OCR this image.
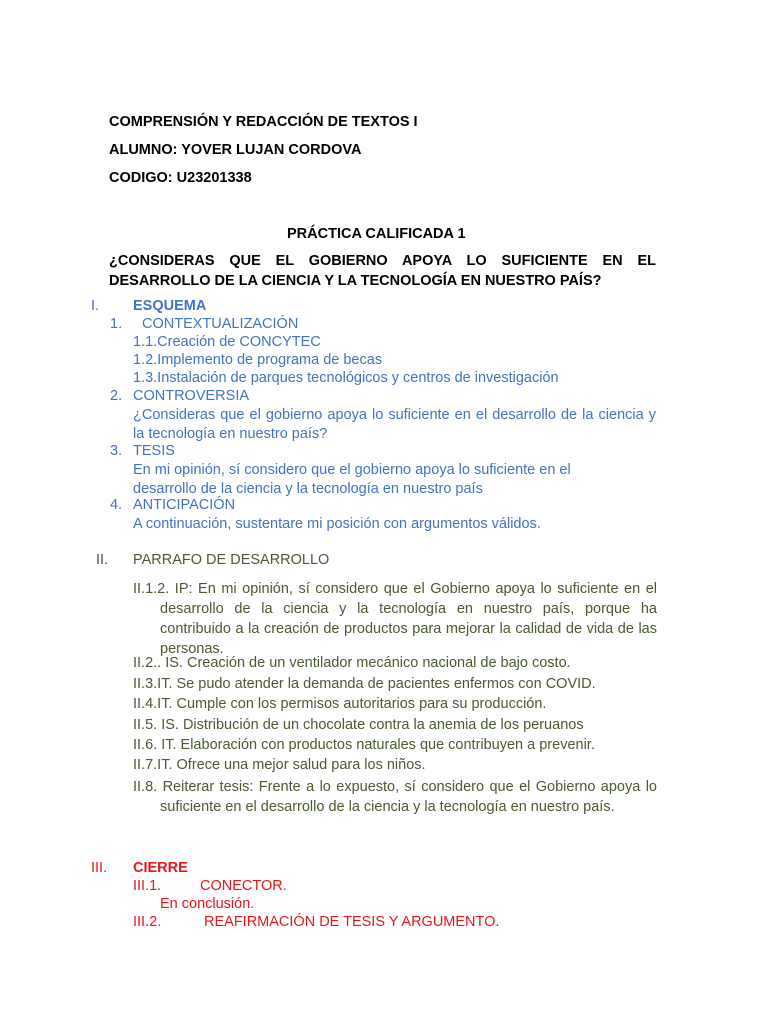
COMPRENSIÓN Y REDACCIÓN DE TEXTOS I
ALUMNO: YOVER LUJAN CORDOVA
CODIGO: U23201338
PRÁCTICA CALIFICADA 1
¿CONSIDERAS QUE EL GOBIERNO APOYA LO SUFICIENTE EN EL DESARROLLO DE LA CIENCIA Y LA TECNOLOGÍA EN NUESTRO PAÍS?
I. ESQUEMA
1. CONTEXTUALIZACIÓN
1.1.Creación de CONCYTEC
1.2.Implemento de programa de becas
1.3.Instalación de parques tecnológicos y centros de investigación
2. CONTROVERSIA
¿Consideras que el gobierno apoya lo suficiente en el desarrollo de la ciencia y la tecnología en nuestro país?
3. TESIS
En mi opinión, sí considero que el gobierno apoya lo suficiente en el desarrollo de la ciencia y la tecnología en nuestro país
4. ANTICIPACIÓN
A continuación, sustentare mi posición con argumentos válidos.
II. PARRAFO DE DESARROLLO
II.1.2. IP: En mi opinión, sí considero que el Gobierno apoya lo suficiente en el desarrollo de la ciencia y la tecnología en nuestro país, porque ha contribuido a la creación de productos para mejorar la calidad de vida de las personas.
II.2.. IS. Creación de un ventilador mecánico nacional de bajo costo.
II.3.IT. Se pudo atender la demanda de pacientes enfermos con COVID.
II.4.IT. Cumple con los permisos autoritarios para su producción.
II.5. IS. Distribución de un chocolate contra la anemia de los peruanos
II.6. IT. Elaboración con productos naturales que contribuyen a prevenir.
II.7.IT. Ofrece una mejor salud para los niños.
II.8. Reiterar tesis: Frente a lo expuesto, sí considero que el Gobierno apoya lo suficiente en el desarrollo de la ciencia y la tecnología en nuestro país.
III. CIERRE
III.1.	CONECTOR.
En conclusión.
III.2.	REAFIRMACIÓN DE TESIS Y ARGUMENTO.
